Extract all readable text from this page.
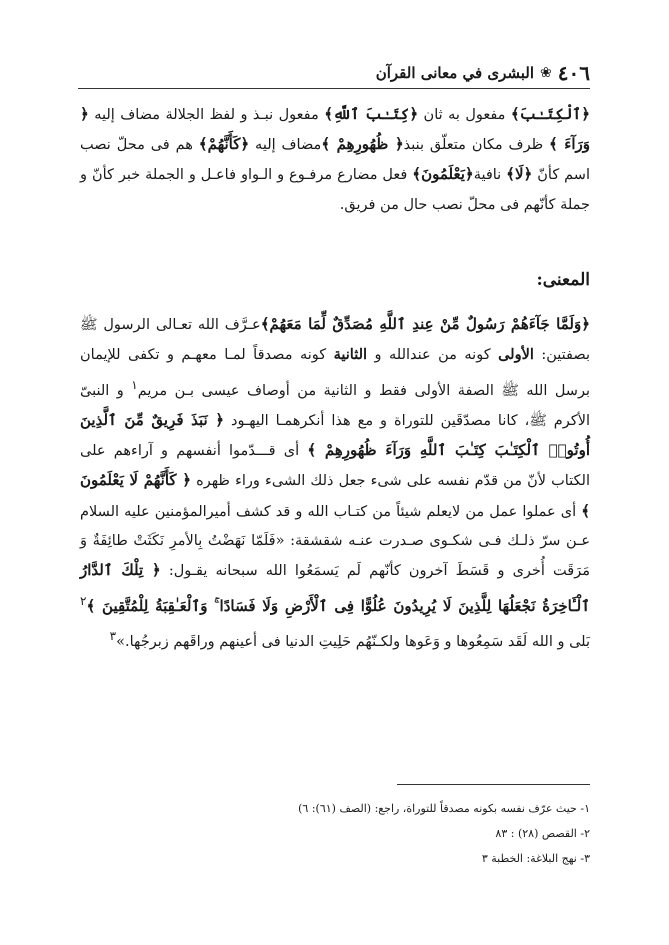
٤٠٦
❀
البشرى في معانى القرآن

﴿ٱلْكِتَـٰبَ﴾ مفعول به ثان ﴿كِتَـٰبَ ٱللَّهِ﴾ مفعول نبـذ و لفظ الجلالة مضاف إليه ﴿ وَرَآءَ ﴾ ظرف مكان متعلّق بنبذ﴿ ظُهُورِهِمْ ﴾مضاف إليه ﴿كَأَنَّهُمْ﴾ هم فى محلّ نصب اسم كأنّ ﴿لَا﴾ نافية﴿يَعْلَمُونَ﴾ فعل مضارع مرفـوع و الـواو فاعـل و الجملة خبر كأنّ و جملة كأنّهم فى محلّ نصب حال من فريق.

المعنى:

﴿وَلَمَّا جَآءَهُمْ رَسُولٌ مِّنْ عِندِ ٱللَّهِ مُصَدِّقٌ لِّمَا مَعَهُمْ﴾عـرَّف الله تعـالى الرسول ﷺ بصفتين: الأولى كونه من عندالله و الثانية كونه مصدقاً لمـا معهـم و تكفى للإيمان برسل الله ﷺ الصفة الأولى فقط و الثانية من أوصاف عيسى بـن مريم$^١$ و النبىّ الأكرم ﷺ، كانا مصدّقَين للتوراة و مع هذا أنكرهمـا اليهـود ﴿ نَبَذَ فَرِيقٌ مِّنَ ٱلَّذِينَ أُوتُوا۟ ٱلْكِتَـٰبَ كِتَـٰبَ ٱللَّهِ وَرَآءَ ظُهُورِهِمْ ﴾ أى قـــدّموا أنفسهم و آراءهم على الكتاب لأنّ من قدّم نفسه على شىء جعل ذلك الشىء وراء ظهره ﴿ كَأَنَّهُمْ لَا يَعْلَمُونَ ﴾ أى عملوا عمل من لايعلم شيئاً من كتـاب الله و قد كشف أميرالمؤمنين عليه السلام عـن سرّ ذلـك فـى شكـوى صـدرت عنـه شقشقة: «فَلَمّا نَهَضْتُ بِالأمرِ نَكَثَتْ طائِفَةٌ وَ مَرَقَت أُخرى و قَسَطَ آخرون كأنّهم لَم يَسمَعُوا الله سبحانه يقـول: ﴿ تِلْكَ ٱلدَّارُ ٱلْـَٔاخِرَةُ نَجْعَلُهَا لِلَّذِينَ لَا يُرِيدُونَ عُلُوًّا فِى ٱلْأَرْضِ وَلَا فَسَادًا ۚ وَٱلْعَـٰقِبَةُ لِلْمُتَّقِينَ ﴾$^٢$ بَلى و الله لَقَد سَمِعُوها و وَعَوها ولكـنّهُم حَلِيتِ الدنيا فى أعينهم وراقَهم زبرجُها.»$^٣$

١- حيث عرّف نفسه بكونه مصدقاً للتوراة، راجع: (الصف (٦١): ٦)
٢- القصص (٢٨) : ٨٣
٣- نهج البلاغة: الخطبة ٣
